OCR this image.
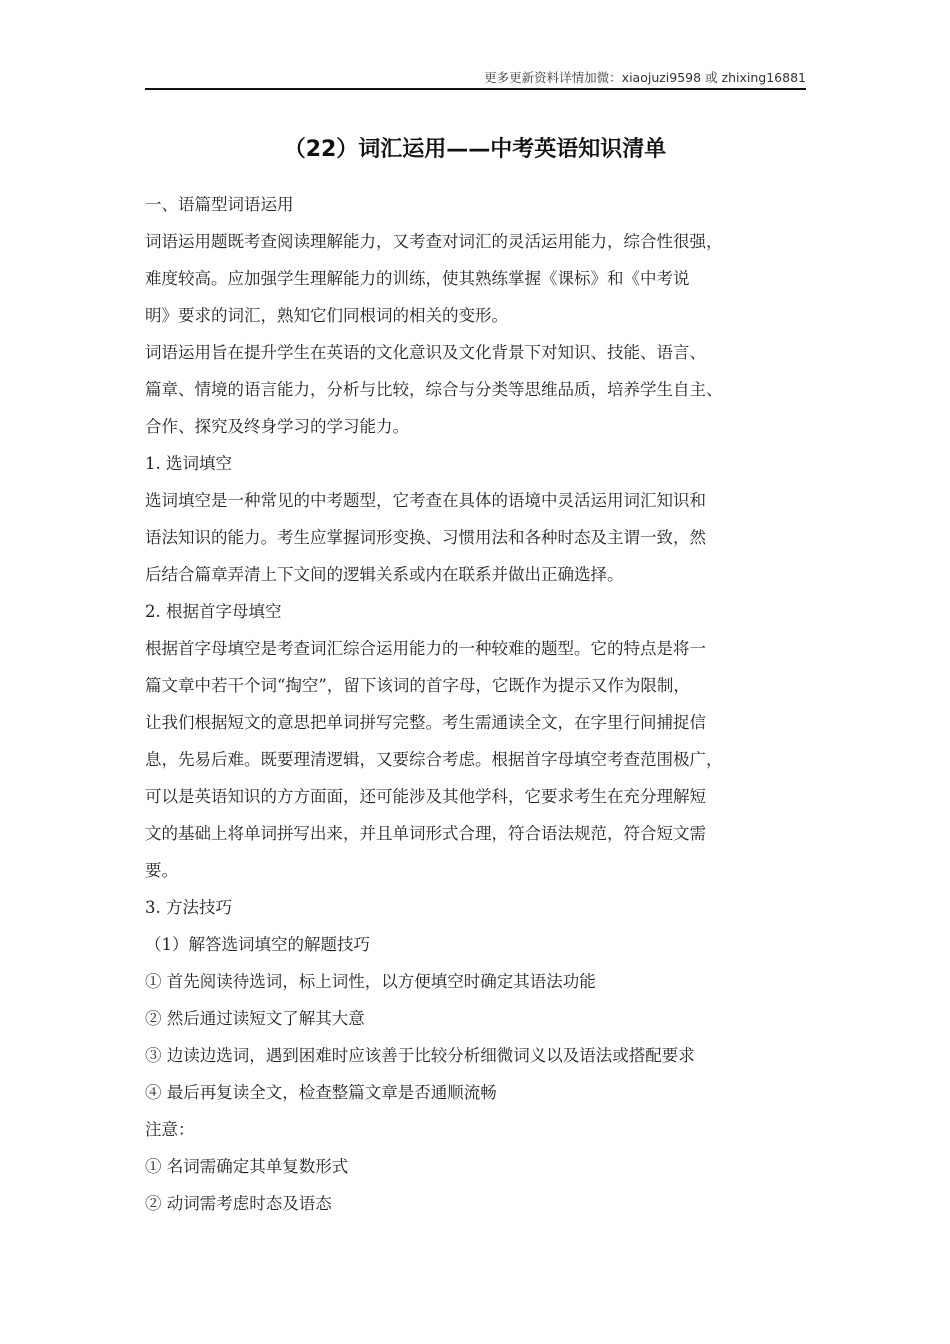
更多更新资料详情加微：xiaojuzi9598 或 zhixing16881
（22）词汇运用——中考英语知识清单
一、语篇型词语运用
词语运用题既考查阅读理解能力，又考查对词汇的灵活运用能力，综合性很强，
难度较高。应加强学生理解能力的训练，使其熟练掌握《课标》和《中考说
明》要求的词汇，熟知它们同根词的相关的变形。
词语运用旨在提升学生在英语的文化意识及文化背景下对知识、技能、语言、
篇章、情境的语言能力，分析与比较，综合与分类等思维品质，培养学生自主、
合作、探究及终身学习的学习能力。
1. 选词填空
选词填空是一种常见的中考题型，它考查在具体的语境中灵活运用词汇知识和
语法知识的能力。考生应掌握词形变换、习惯用法和各种时态及主谓一致，然
后结合篇章弄清上下文间的逻辑关系或内在联系并做出正确选择。
2. 根据首字母填空
根据首字母填空是考查词汇综合运用能力的一种较难的题型。它的特点是将一
篇文章中若干个词“掏空”，留下该词的首字母，它既作为提示又作为限制，
让我们根据短文的意思把单词拼写完整。考生需通读全文，在字里行间捕捉信
息，先易后难。既要理清逻辑，又要综合考虑。根据首字母填空考查范围极广，
可以是英语知识的方方面面，还可能涉及其他学科，它要求考生在充分理解短
文的基础上将单词拼写出来，并且单词形式合理，符合语法规范，符合短文需
要。
3. 方法技巧
（1）解答选词填空的解题技巧
① 首先阅读待选词，标上词性，以方便填空时确定其语法功能
② 然后通过读短文了解其大意
③ 边读边选词，遇到困难时应该善于比较分析细微词义以及语法或搭配要求
④ 最后再复读全文，检查整篇文章是否通顺流畅
注意：
① 名词需确定其单复数形式
② 动词需考虑时态及语态
